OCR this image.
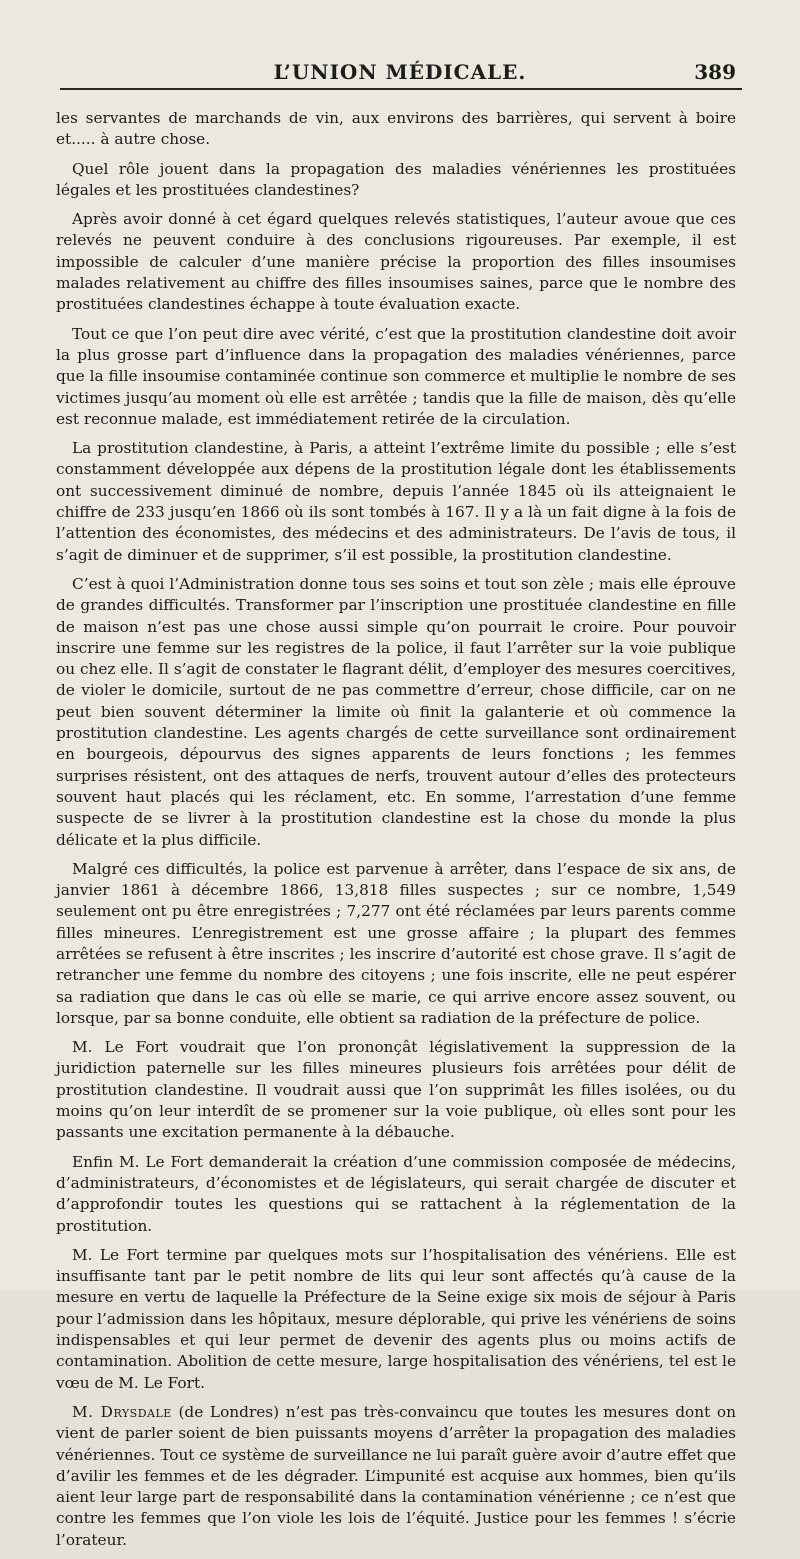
L’UNION MÉDICALE.	389

les servantes de marchands de vin, aux environs des barrières, qui servent à boire et..... à autre chose.

Quel rôle jouent dans la propagation des maladies vénériennes les prostituées légales et les prostituées clandestines?

Après avoir donné à cet égard quelques relevés statistiques, l’auteur avoue que ces relevés ne peuvent conduire à des conclusions rigoureuses. Par exemple, il est impossible de calculer d’une manière précise la proportion des filles insoumises malades relativement au chiffre des filles insoumises saines, parce que le nombre des prostituées clandestines échappe à toute évaluation exacte.

Tout ce que l’on peut dire avec vérité, c’est que la prostitution clandestine doit avoir la plus grosse part d’influence dans la propagation des maladies vénériennes, parce que la fille insoumise contaminée continue son commerce et multiplie le nombre de ses victimes jusqu’au moment où elle est arrêtée ; tandis que la fille de maison, dès qu’elle est reconnue malade, est immédiatement retirée de la circulation.

La prostitution clandestine, à Paris, a atteint l’extrême limite du possible ; elle s’est constamment développée aux dépens de la prostitution légale dont les établissements ont successivement diminué de nombre, depuis l’année 1845 où ils atteignaient le chiffre de 233 jusqu’en 1866 où ils sont tombés à 167. Il y a là un fait digne à la fois de l’attention des économistes, des médecins et des administrateurs. De l’avis de tous, il s’agit de diminuer et de supprimer, s’il est possible, la prostitution clandestine.

C’est à quoi l’Administration donne tous ses soins et tout son zèle ; mais elle éprouve de grandes difficultés. Transformer par l’inscription une prostituée clandestine en fille de maison n’est pas une chose aussi simple qu’on pourrait le croire. Pour pouvoir inscrire une femme sur les registres de la police, il faut l’arrêter sur la voie publique ou chez elle. Il s’agit de constater le flagrant délit, d’employer des mesures coercitives, de violer le domicile, surtout de ne pas commettre d’erreur, chose difficile, car on ne peut bien souvent déterminer la limite où finit la galanterie et où commence la prostitution clandestine. Les agents chargés de cette surveillance sont ordinairement en bourgeois, dépourvus des signes apparents de leurs fonctions ; les femmes surprises résistent, ont des attaques de nerfs, trouvent autour d’elles des protecteurs souvent haut placés qui les réclament, etc. En somme, l’arrestation d’une femme suspecte de se livrer à la prostitution clandestine est la chose du monde la plus délicate et la plus difficile.

Malgré ces difficultés, la police est parvenue à arrêter, dans l’espace de six ans, de janvier 1861 à décembre 1866, 13,818 filles suspectes ; sur ce nombre, 1,549 seulement ont pu être enregistrées ; 7,277 ont été réclamées par leurs parents comme filles mineures. L’enregistrement est une grosse affaire ; la plupart des femmes arrêtées se refusent à être inscrites ; les inscrire d’autorité est chose grave. Il s’agit de retrancher une femme du nombre des citoyens ; une fois inscrite, elle ne peut espérer sa radiation que dans le cas où elle se marie, ce qui arrive encore assez souvent, ou lorsque, par sa bonne conduite, elle obtient sa radiation de la préfecture de police.

M. Le Fort voudrait que l’on prononçât législativement la suppression de la juridiction paternelle sur les filles mineures plusieurs fois arrêtées pour délit de prostitution clandestine. Il voudrait aussi que l’on supprimât les filles isolées, ou du moins qu’on leur interdît de se promener sur la voie publique, où elles sont pour les passants une excitation permanente à la débauche.

Enfin M. Le Fort demanderait la création d’une commission composée de médecins, d’administrateurs, d’économistes et de législateurs, qui serait chargée de discuter et d’approfondir toutes les questions qui se rattachent à la réglementation de la prostitution.

M. Le Fort termine par quelques mots sur l’hospitalisation des vénériens. Elle est insuffisante tant par le petit nombre de lits qui leur sont affectés qu’à cause de la mesure en vertu de laquelle la Préfecture de la Seine exige six mois de séjour à Paris pour l’admission dans les hôpitaux, mesure déplorable, qui prive les vénériens de soins indispensables et qui leur permet de devenir des agents plus ou moins actifs de contamination. Abolition de cette mesure, large hospitalisation des vénériens, tel est le vœu de M. Le Fort.

M. Drysdale (de Londres) n’est pas très-convaincu que toutes les mesures dont on vient de parler soient de bien puissants moyens d’arrêter la propagation des maladies vénériennes. Tout ce système de surveillance ne lui paraît guère avoir d’autre effet que d’avilir les femmes et de les dégrader. L’impunité est acquise aux hommes, bien qu’ils aient leur large part de responsabilité dans la contamination vénérienne ; ce n’est que contre les femmes que l’on viole les lois de l’équité. Justice pour les femmes ! s’écrie l’orateur.
